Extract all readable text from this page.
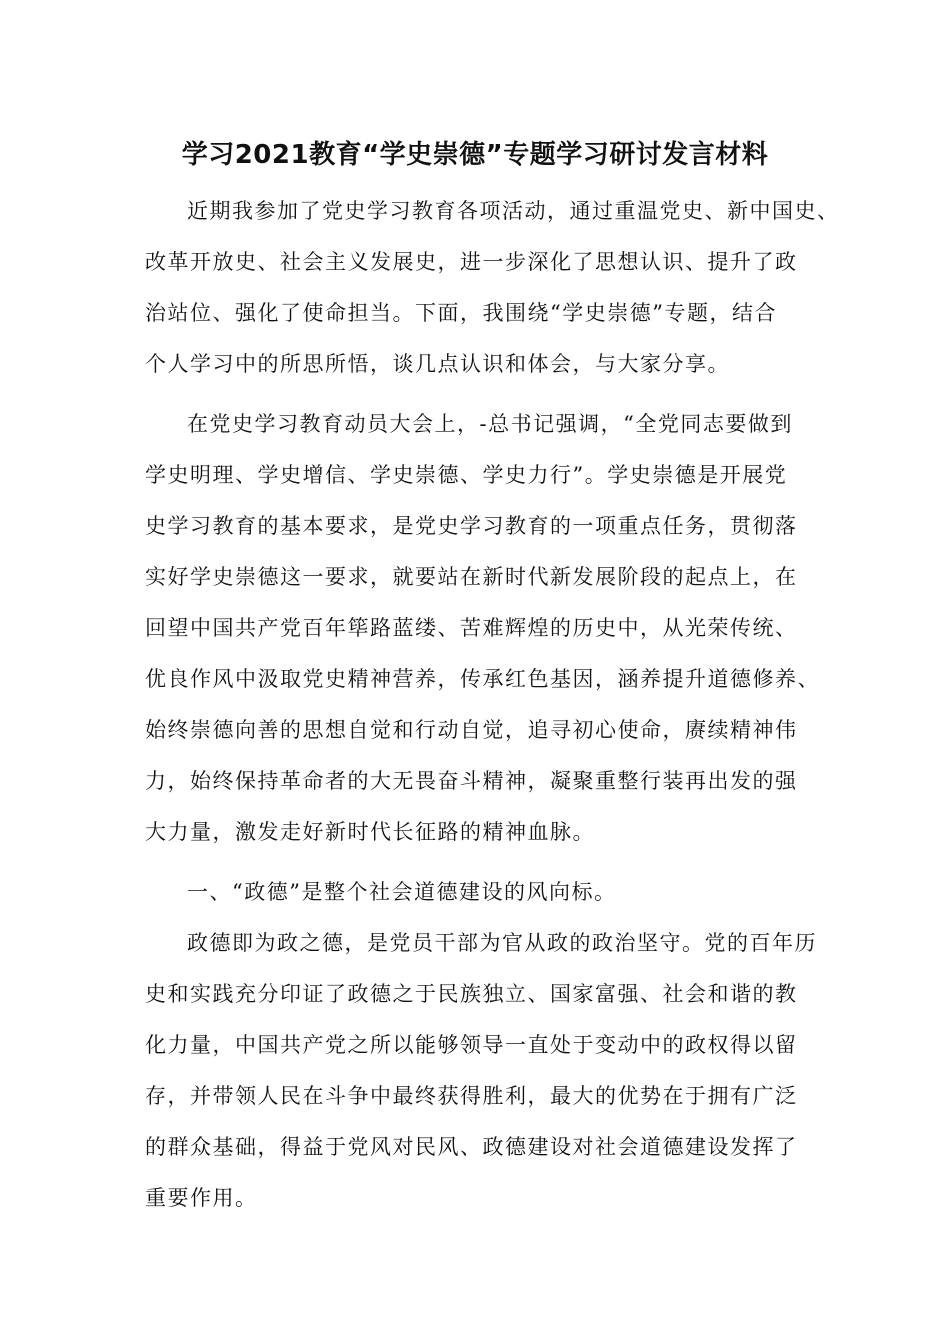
学习2021教育“学史崇德”专题学习研讨发言材料
近期我参加了党史学习教育各项活动，通过重温党史、新中国史、
改革开放史、社会主义发展史，进一步深化了思想认识、提升了政
治站位、强化了使命担当。下面，我围绕“学史崇德”专题，结合
个人学习中的所思所悟，谈几点认识和体会，与大家分享。
在党史学习教育动员大会上，-总书记强调，“全党同志要做到
学史明理、学史增信、学史崇德、学史力行”。学史崇德是开展党
史学习教育的基本要求，是党史学习教育的一项重点任务，贯彻落
实好学史崇德这一要求，就要站在新时代新发展阶段的起点上，在
回望中国共产党百年筚路蓝缕、苦难辉煌的历史中，从光荣传统、
优良作风中汲取党史精神营养，传承红色基因，涵养提升道德修养、
始终崇德向善的思想自觉和行动自觉，追寻初心使命，赓续精神伟
力，始终保持革命者的大无畏奋斗精神，凝聚重整行装再出发的强
大力量，激发走好新时代长征路的精神血脉。
一、“政德”是整个社会道德建设的风向标。
政德即为政之德，是党员干部为官从政的政治坚守。党的百年历
史和实践充分印证了政德之于民族独立、国家富强、社会和谐的教
化力量，中国共产党之所以能够领导一直处于变动中的政权得以留
存，并带领人民在斗争中最终获得胜利，最大的优势在于拥有广泛
的群众基础，得益于党风对民风、政德建设对社会道德建设发挥了
重要作用。
